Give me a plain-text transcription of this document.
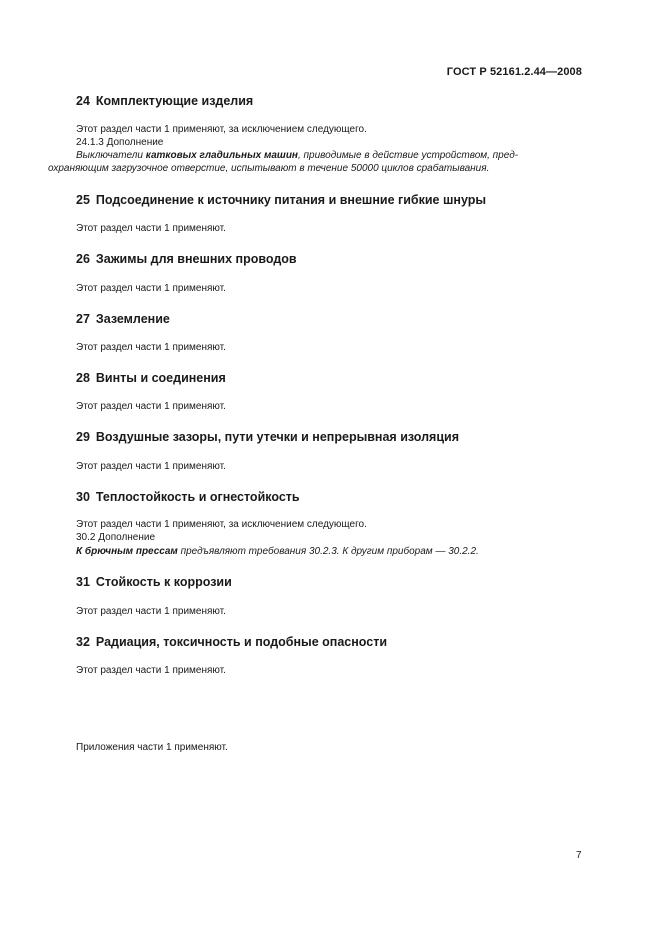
ГОСТ Р 52161.2.44—2008
24 Комплектующие изделия

Этот раздел части 1 применяют, за исключением следующего.

24.1.3 Дополнение

Выключатели катковых гладильных машин, приводимые в действие устройством, пред-
охраняющим загрузочное отверстие, испытывают в течение 50000 циклов срабатывания.

25 Подсоединение к источнику питания и внешние гибкие шнуры

Этот раздел части 1 применяют.

26 Зажимы для внешних проводов

Этот раздел части 1 применяют.

27 Заземление

Этот раздел части 1 применяют.

28 Винты и соединения

Этот раздел части 1 применяют.

29 Воздушные зазоры, пути утечки и непрерывная изоляция

Этот раздел части 1 применяют.

30 Теплостойкость и огнестойкость

Этот раздел части 1 применяют, за исключением следующего.

30.2 Дополнение

К брючным прессам предъявляют требования 30.2.3. К другим приборам — 30.2.2.

31 Стойкость к коррозии

Этот раздел части 1 применяют.

32 Радиация, токсичность и подобные опасности

Этот раздел части 1 применяют.

Приложения части 1 применяют.

7
